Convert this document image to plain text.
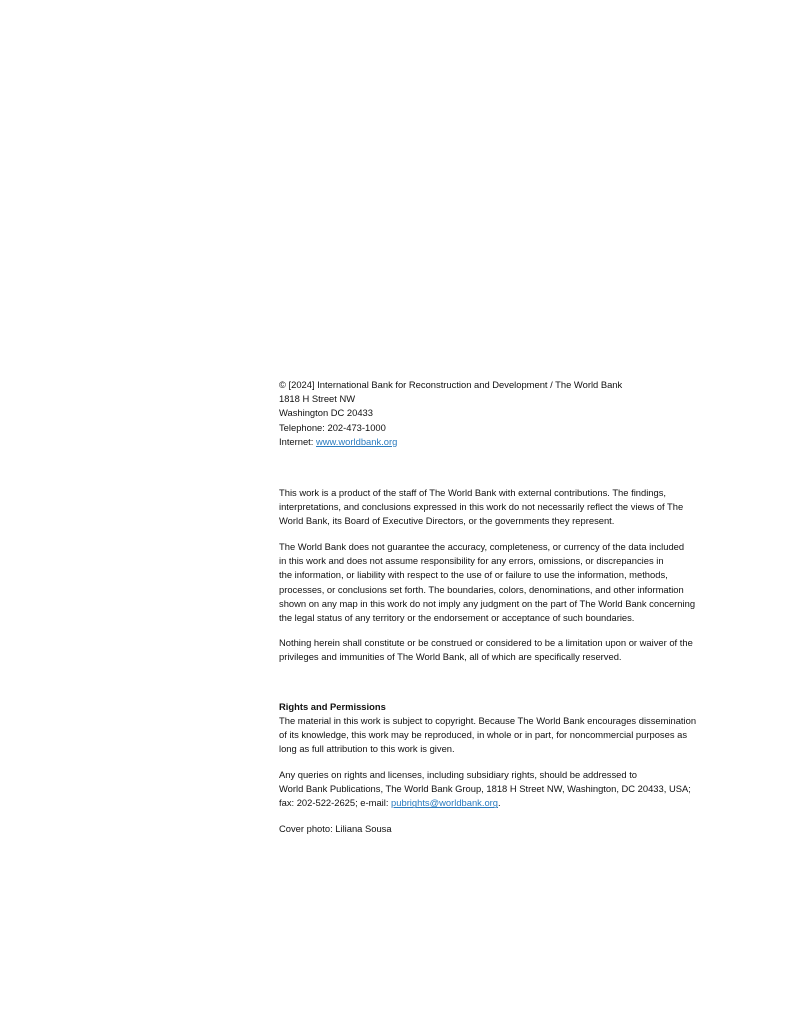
© [2024] International Bank for Reconstruction and Development / The World Bank
1818 H Street NW
Washington DC 20433
Telephone: 202-473-1000
Internet: www.worldbank.org
This work is a product of the staff of The World Bank with external contributions. The findings,
interpretations, and conclusions expressed in this work do not necessarily reflect the views of The
World Bank, its Board of Executive Directors, or the governments they represent.
The World Bank does not guarantee the accuracy, completeness, or currency of the data included
in this work and does not assume responsibility for any errors, omissions, or discrepancies in
the information, or liability with respect to the use of or failure to use the information, methods,
processes, or conclusions set forth. The boundaries, colors, denominations, and other information
shown on any map in this work do not imply any judgment on the part of The World Bank concerning
the legal status of any territory or the endorsement or acceptance of such boundaries.
Nothing herein shall constitute or be construed or considered to be a limitation upon or waiver of the
privileges and immunities of The World Bank, all of which are specifically reserved.
Rights and Permissions
The material in this work is subject to copyright. Because The World Bank encourages dissemination
of its knowledge, this work may be reproduced, in whole or in part, for noncommercial purposes as
long as full attribution to this work is given.
Any queries on rights and licenses, including subsidiary rights, should be addressed to
World Bank Publications, The World Bank Group, 1818 H Street NW, Washington, DC 20433, USA;
fax: 202-522-2625; e-mail: pubrights@worldbank.org.
Cover photo: Liliana Sousa
